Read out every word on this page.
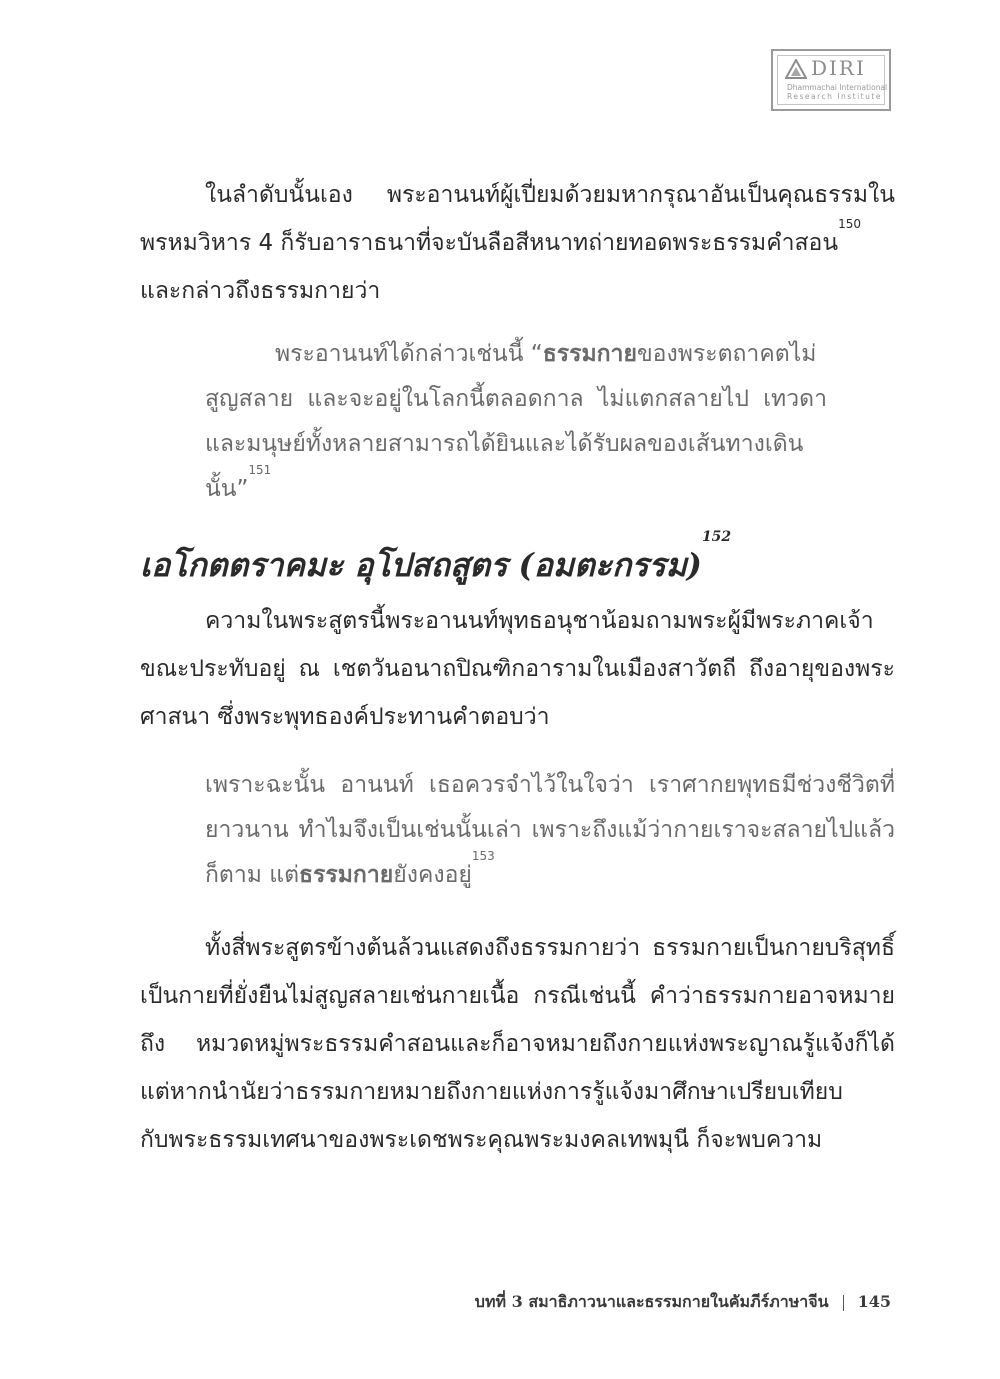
DIRI
Dhammachai International
Research Institute
ในลำดับนั้นเอง พระอานนท์ผู้เปี่ยมด้วยมหากรุณาอันเป็นคุณธรรมใน
พรหมวิหาร 4 ก็รับอาราธนาที่จะบันลือสีหนาทถ่ายทอดพระธรรมคำสอน$^{150}$
และกล่าวถึงธรรมกายว่า
พระอานนท์ได้กล่าวเช่นนี้ “ธรรมกายของพระตถาคตไม่
สูญสลาย และจะอยู่ในโลกนี้ตลอดกาล ไม่แตกสลายไป เทวดา
และมนุษย์ทั้งหลายสามารถได้ยินและได้รับผลของเส้นทางเดิน
นั้น”$^{151}$
เอโกตตราคมะ อุโปสถสูตร (อมตะกรรม)$^{152}$
ความในพระสูตรนี้พระอานนท์พุทธอนุชาน้อมถามพระผู้มีพระภาคเจ้า
ขณะประทับอยู่ ณ เชตวันอนาถปิณฑิกอารามในเมืองสาวัตถี ถึงอายุของพระ
ศาสนา ซึ่งพระพุทธองค์ประทานคำตอบว่า
เพราะฉะนั้น อานนท์ เธอควรจำไว้ในใจว่า เราศากยพุทธมีช่วงชีวิตที่
ยาวนาน ทำไมจึงเป็นเช่นนั้นเล่า เพราะถึงแม้ว่ากายเราจะสลายไปแล้ว
ก็ตาม แต่ธรรมกายยังคงอยู่$^{153}$
ทั้งสี่พระสูตรข้างต้นล้วนแสดงถึงธรรมกายว่า ธรรมกายเป็นกายบริสุทธิ์
เป็นกายที่ยั่งยืนไม่สูญสลายเช่นกายเนื้อ กรณีเช่นนี้ คำว่าธรรมกายอาจหมาย
ถึง หมวดหมู่พระธรรมคำสอนและก็อาจหมายถึงกายแห่งพระญาณรู้แจ้งก็ได้
แต่หากนำนัยว่าธรรมกายหมายถึงกายแห่งการรู้แจ้งมาศึกษาเปรียบเทียบ
กับพระธรรมเทศนาของพระเดชพระคุณพระมงคลเทพมุนี ก็จะพบความ
บทที่ 3 สมาธิภาวนาและธรรมกายในคัมภีร์ภาษาจีน 145
